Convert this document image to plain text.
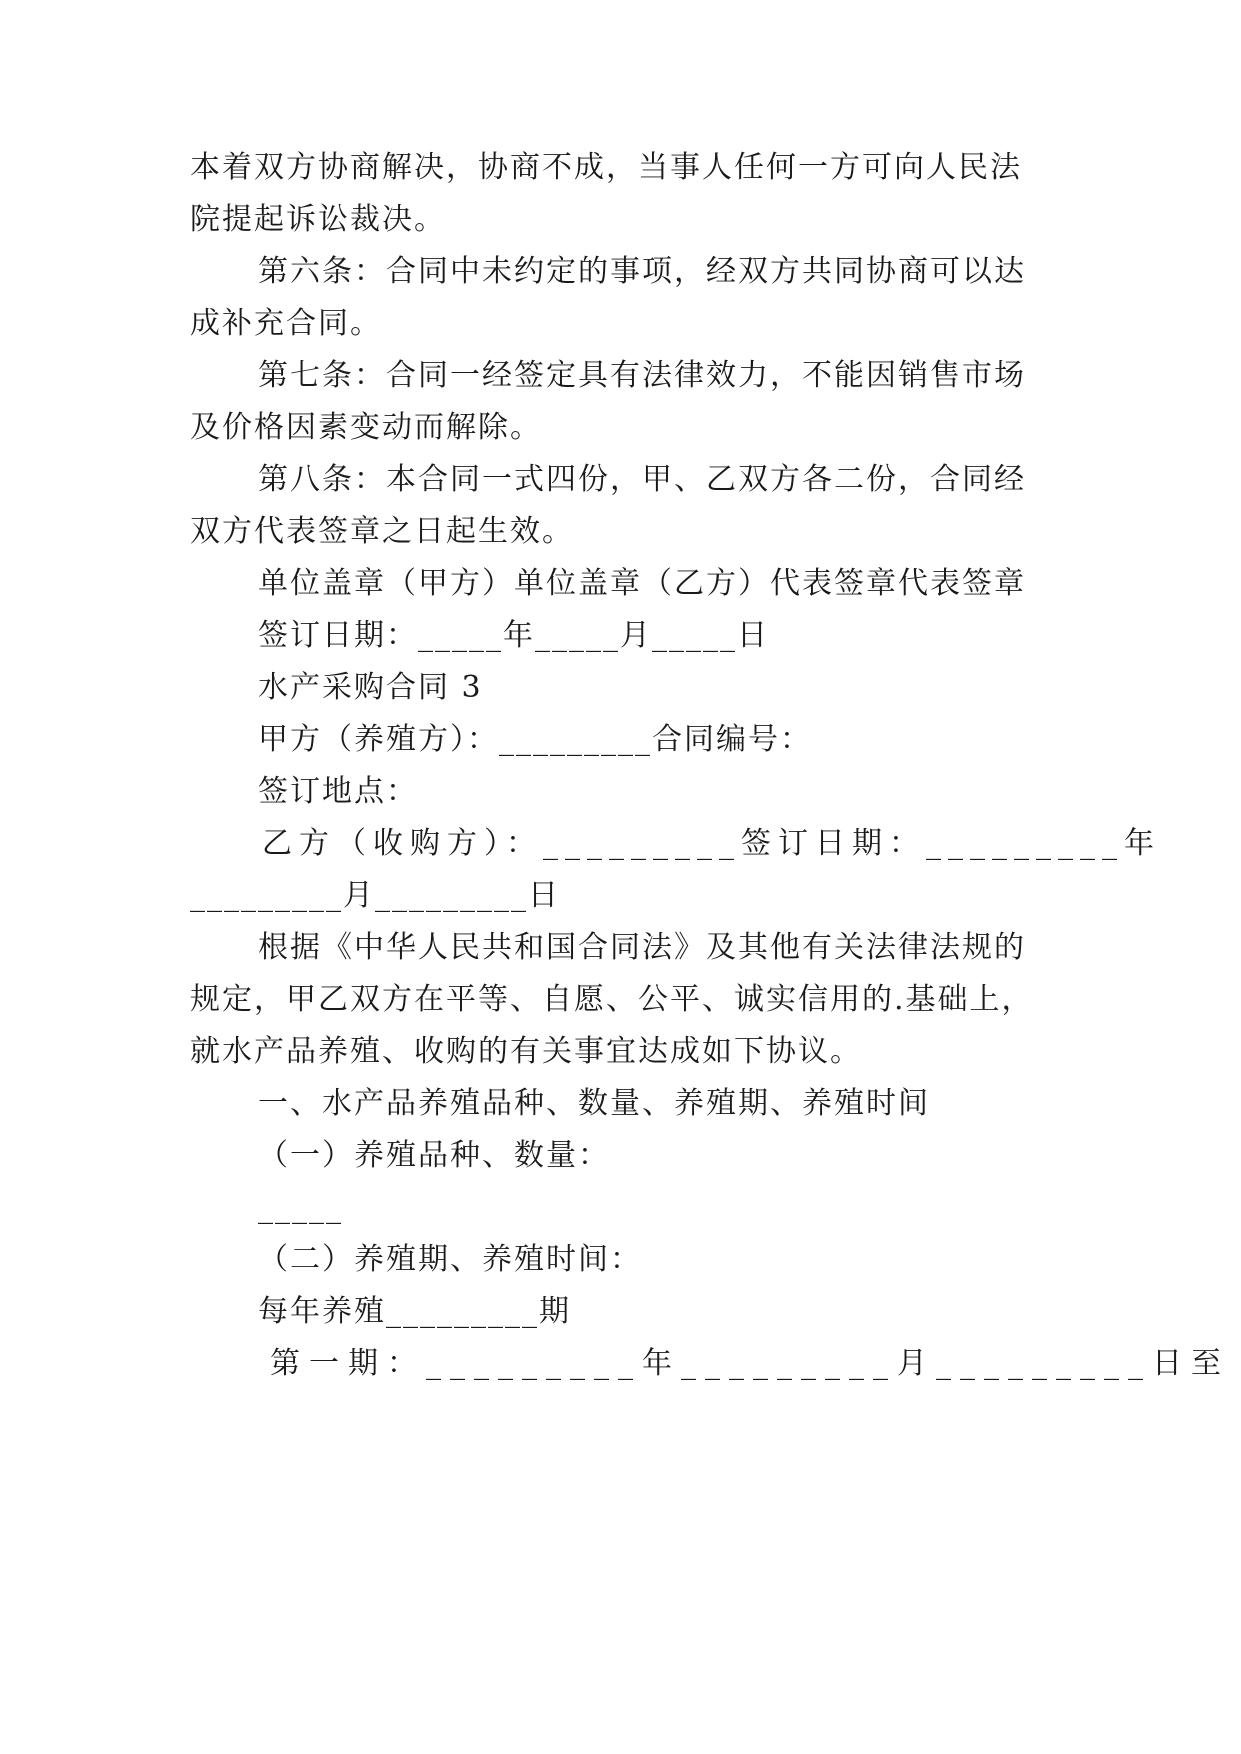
本着双方协商解决，协商不成，当事人任何一方可向人民法
院提起诉讼裁决。
第六条：合同中未约定的事项，经双方共同协商可以达
成补充合同。
第七条：合同一经签定具有法律效力，不能因销售市场
及价格因素变动而解除。
第八条：本合同一式四份，甲、乙双方各二份，合同经
双方代表签章之日起生效。
单位盖章（甲方）单位盖章（乙方）代表签章代表签章
签订日期：_____年_____月_____日
水产采购合同 3
甲方（养殖方）：_________合同编号：
签订地点：
乙方（收购方）：_________签订日期：_________年
_________月_________日
根据《中华人民共和国合同法》及其他有关法律法规的
规定，甲乙双方在平等、自愿、公平、诚实信用的.基础上，
就水产品养殖、收购的有关事宜达成如下协议。
一、水产品养殖品种、数量、养殖期、养殖时间
（一）养殖品种、数量：
_____
（二）养殖期、养殖时间：
每年养殖_________期
第一期：_________年_________月_________日至
